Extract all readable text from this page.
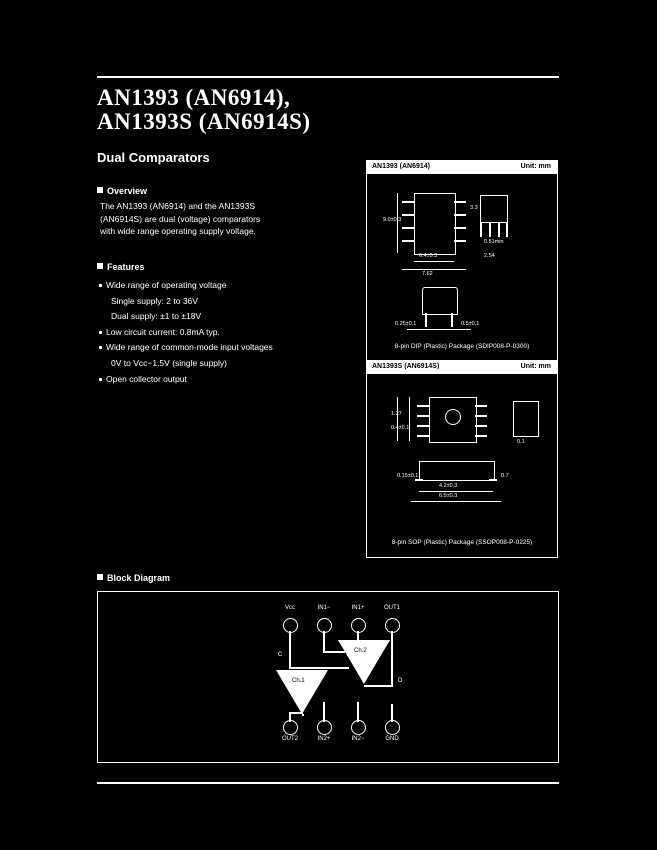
AN1393 (AN6914),
AN1393S (AN6914S)
Dual Comparators
Overview
The AN1393 (AN6914) and the AN1393S (AN6914S) are dual (voltage) comparators with wide range operating supply voltage.
Features
Wide range of operating voltage
Single supply: 2 to 36V
Dual supply: ±1 to ±18V
Low circuit current: 0.8mA typ.
Wide range of common-mode input voltages
0V to Vcc−1.5V (single supply)
Open collector output
AN1393 (AN6914)	Unit: mm
9.0±0.3
6.4±0.3
7.62
3.3
0.51min
2.54
0.25±0.1	0.5±0.1
8-pin DIP (Plastic) Package (SDIP008-P-0300)
AN1393S (AN6914S)	Unit: mm
1.27
0.4±0.1
0.1
4.2±0.3
6.5±0.3
0.15±0.1	0.7
8-pin SOP (Plastic) Package (SSOP008-P-0225)
Block Diagram
Vcc	IN1−	IN1+	OUT1
OUT2	IN2+	IN2−	GND
Ch.2
Ch.1
C
D
